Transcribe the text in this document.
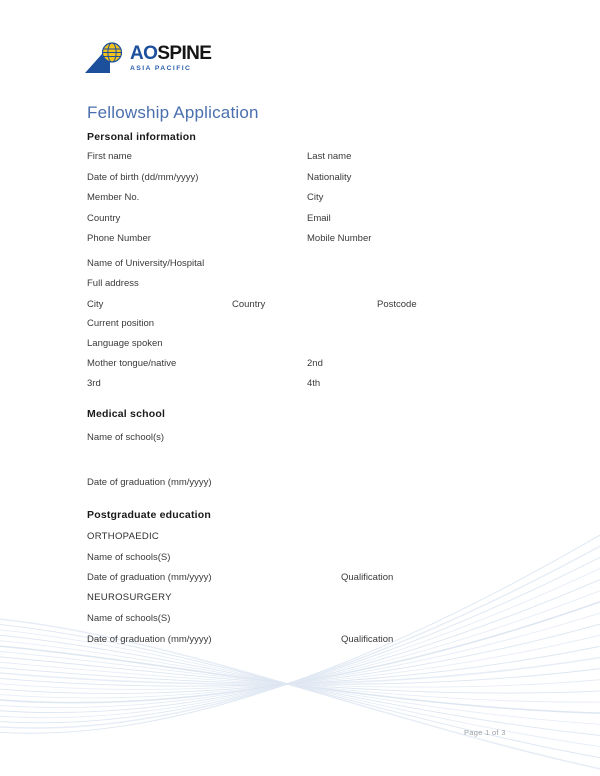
AOSPINE
ASIA PACIFIC
Fellowship Application
Personal information
First name	Last name
Date of birth (dd/mm/yyyy)	Nationality
Member No.	City
Country	Email
Phone Number	Mobile Number
Name of University/Hospital
Full address
City	Country	Postcode
Current position
Language spoken
Mother tongue/native	2nd
3rd	4th
Medical school
Name of school(s)
Date of graduation (mm/yyyy)
Postgraduate education
ORTHOPAEDIC
Name of schools(S)
Date of graduation (mm/yyyy)	Qualification
NEUROSURGERY
Name of schools(S)
Date of graduation (mm/yyyy)	Qualification
Page 1 of 3
